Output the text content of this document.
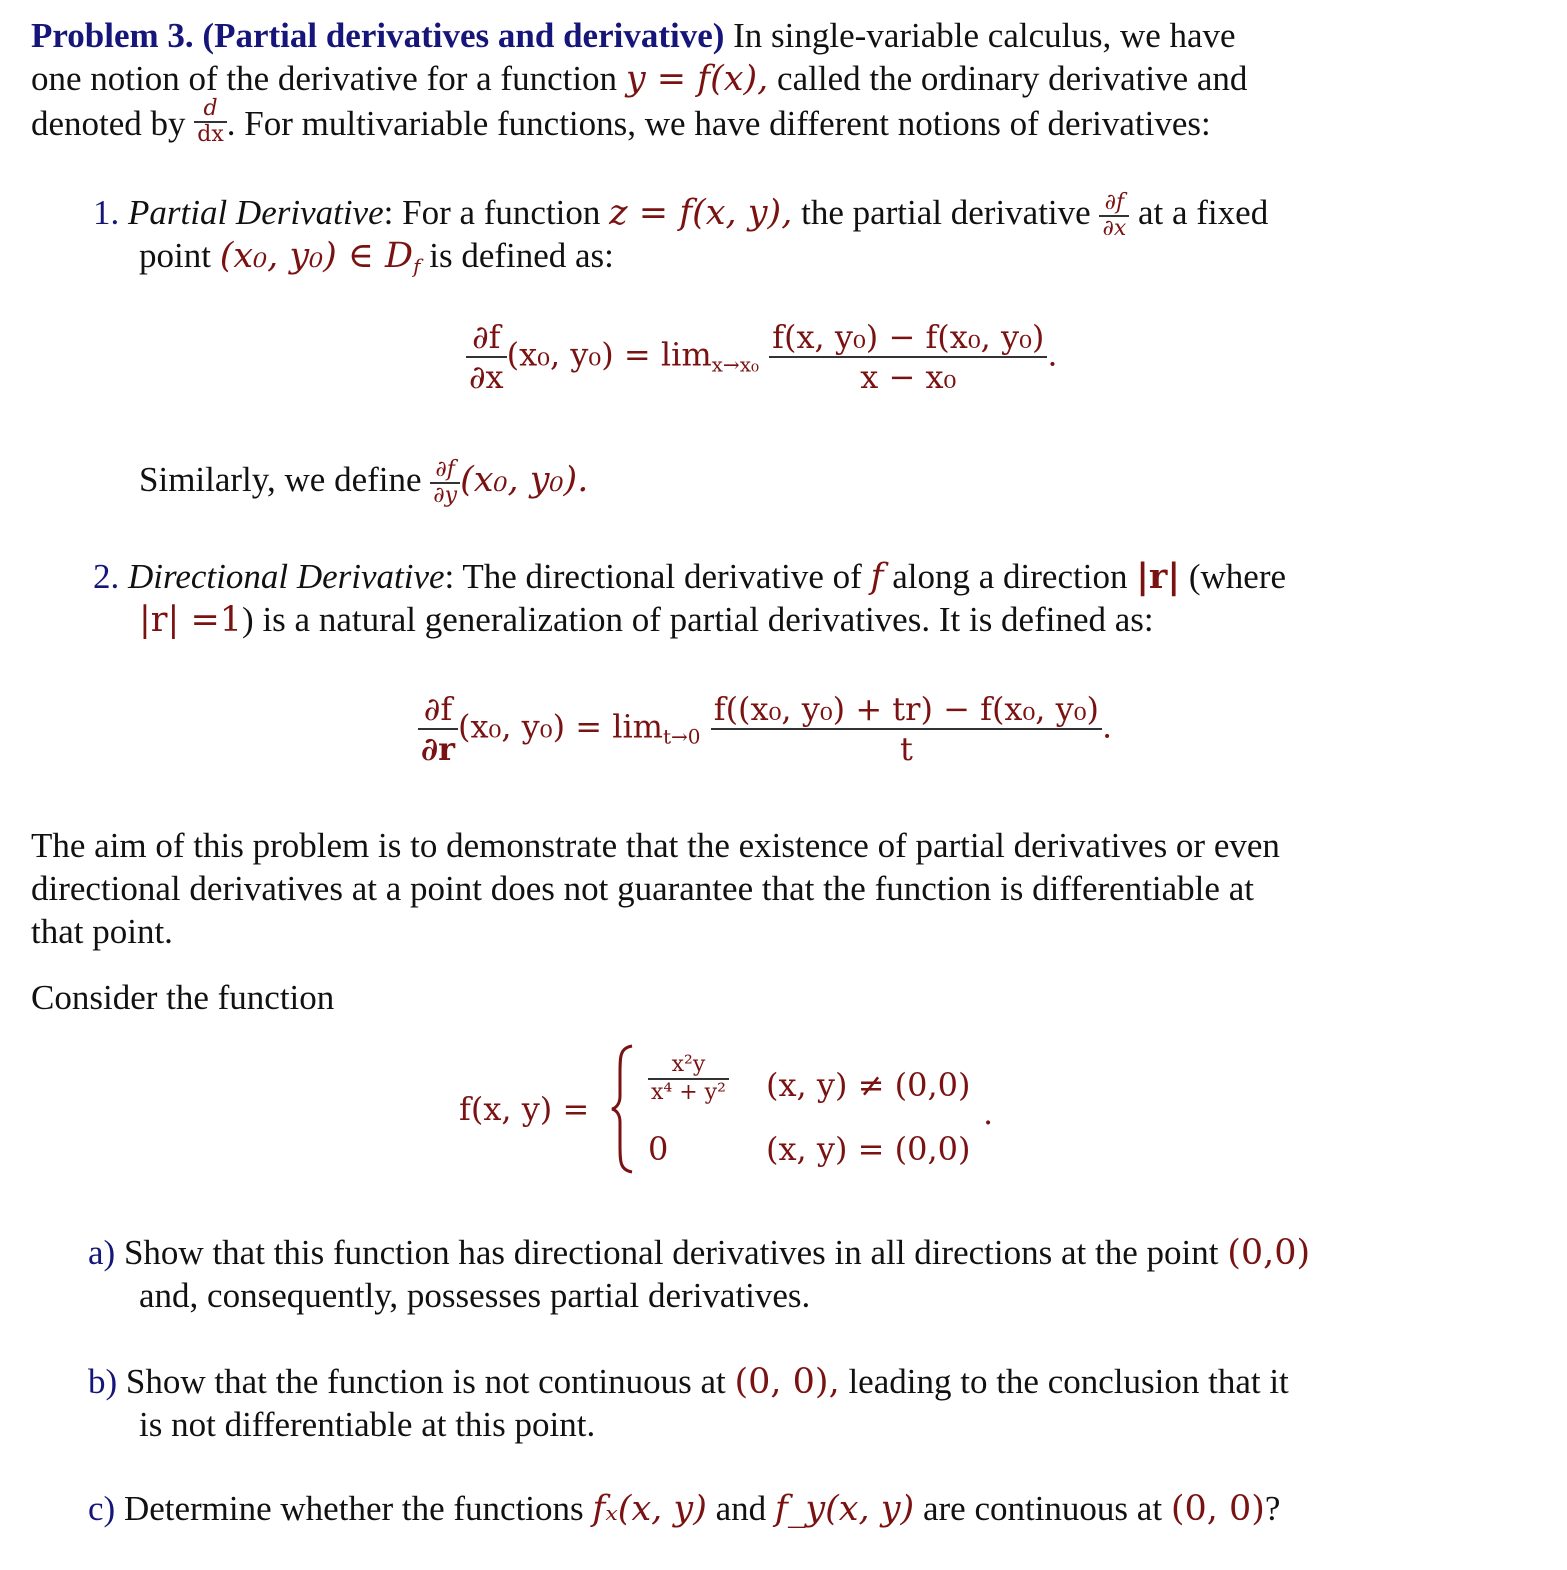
Problem 3. (Partial derivatives and derivative) In single-variable calculus, we have
one notion of the derivative for a function y = f(x), called the ordinary derivative and
denoted by $\frac{d}{dx}$ . For multivariable functions, we have different notions of derivatives:
1. Partial Derivative: For a function z = f(x, y), the partial derivative $\frac{\partial f}{\partial x}$ at a fixed
point (x₀, y₀) ∈ $D_f$ is defined as:
$\frac{\partial f}{\partial x} (x_0$, $y_0) = \lim_{x\to x_0} \frac{\text{f(x, y₀) − f(x₀, y₀)}}{\text{x − x₀}}$ .
Similarly, we define $\frac{\partial f}{\partial y} (x_0$, y₀).
2. Directional Derivative: The directional derivative of f along a direction |r| (where
|r| =1) is a natural generalization of partial derivatives. It is defined as:
$\frac{\partial f}{\partial r} (x_0$, $y_0) = \lim_{t\to 0} \frac{\text{f((x₀, y₀) + tr) − f(x₀, y₀)}}{t}$ .
The aim of this problem is to demonstrate that the existence of partial derivatives or even
directional derivatives at a point does not guarantee that the function is differentiable at
that point.
Consider the function
f(x, y) =
$\frac{\text{x²y}}{\text{x⁴ + y²}} (x$, y) ≠ (0,0)
0	(x, y) = (0,0)
.
a) Show that this function has directional derivatives in all directions at the point (0,0)
and, consequently, possesses partial derivatives.
b) Show that the function is not continuous at (0, 0), leading to the conclusion that it
is not differentiable at this point.
c) Determine whether the functions fₓ(x, y) and f_y(x, y) are continuous at (0, 0)?
